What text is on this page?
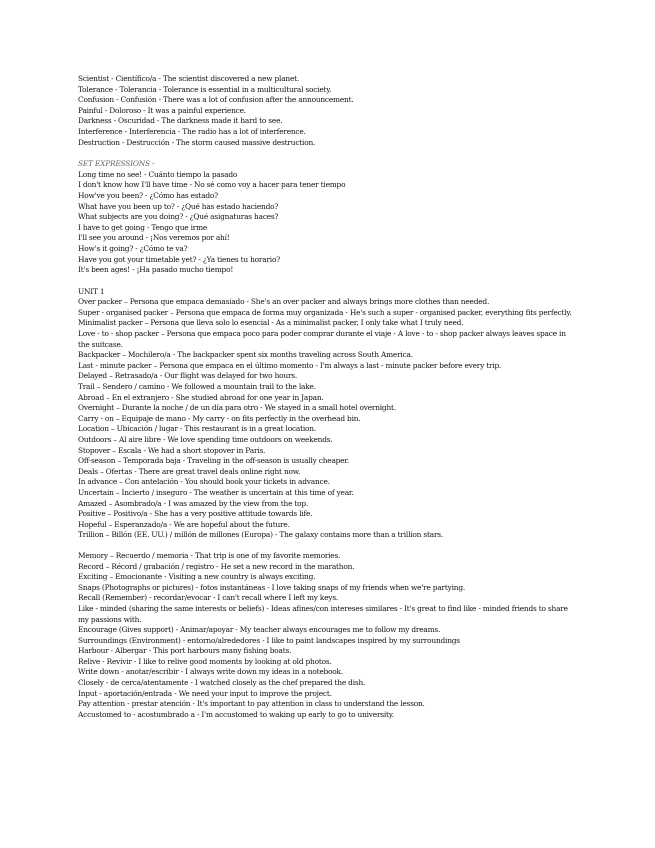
Scientist - Científico/a - The scientist discovered a new planet.
Tolerance - Tolerancia - Tolerance is essential in a multicultural society.
Confusion - Confusión - There was a lot of confusion after the announcement.
Painful - Doloroso - It was a painful experience.
Darkness - Oscuridad - The darkness made it hard to see.
Interference - Interferencia - The radio has a lot of interference.
Destruction - Destrucción - The storm caused massive destruction.
SET EXPRESSIONS -
Long time no see! - Cuánto tiempo la pasado
I don't know how I'll have time - No sé como voy a hacer para tener tiempo
How've you been? - ¿Cómo has estado?
What have you been up to? - ¿Qué has estado haciendo?
What subjects are you doing? - ¿Qué asignaturas haces?
I have to get going - Tengo que irme
I'll see you around - ¡Nos veremos por ahí!
How's it going? - ¿Cómo te va?
Have you got your timetable yet? - ¿Ya tienes tu horario?
It's been ages! - ¡Ha pasado mucho tiempo!
UNIT 1
Over packer – Persona que empaca demasiado - She's an over packer and always brings more clothes than needed.
Super - organised packer – Persona que empaca de forma muy organizada - He's such a super - organised packer, everything fits perfectly.
Minimalist packer – Persona que lleva solo lo esencial - As a minimalist packer, I only take what I truly need.
Love - to - shop packer – Persona que empaca poco para poder comprar durante el viaje - A love - to - shop packer always leaves space in the suitcase.
Backpacker – Mochilero/a - The backpacker spent six months traveling across South America.
Last - minute packer – Persona que empaca en el último momento - I'm always a last - minute packer before every trip.
Delayed – Retrasado/a - Our flight was delayed for two hours.
Trail – Sendero / camino - We followed a mountain trail to the lake.
Abroad – En el extranjero - She studied abroad for one year in Japan.
Overnight – Durante la noche / de un día para otro - We stayed in a small hotel overnight.
Carry - on – Equipaje de mano - My carry - on fits perfectly in the overhead bin.
Location – Ubicación / lugar - This restaurant is in a great location.
Outdoors – Al aire libre - We love spending time outdoors on weekends.
Stopover – Escala - We had a short stopover in Paris.
Off-season – Temporada baja - Traveling in the off-season is usually cheaper.
Deals – Ofertas - There are great travel deals online right now.
In advance – Con antelación - You should book your tickets in advance.
Uncertain – Incierto / inseguro - The weather is uncertain at this time of year.
Amazed – Asombrado/a - I was amazed by the view from the top.
Positive – Positivo/a - She has a very positive attitude towards life.
Hopeful – Esperanzado/a - We are hopeful about the future.
Trillion – Billón (EE. UU.) / millón de millones (Europa) - The galaxy contains more than a trillion stars.
Memory – Recuerdo / memoria - That trip is one of my favorite memories.
Record – Récord / grabación / registro - He set a new record in the marathon.
Exciting – Emocionante - Visiting a new country is always exciting.
Snaps (Photographs or pictures) - fotos instantáneas - I love taking snaps of my friends when we're partying.
Recall (Remember) - recordar/evocar - I can't recall where I left my keys.
Like - minded (sharing the same interests or beliefs) - Ideas afines/con intereses similares - It's great to find like - minded friends to share my passions with.
Encourage (Gives support) - Animar/apoyar - My teacher always encourages me to follow my dreams.
Surroundings (Environment) - entorno/alrededores - I like to paint landscapes inspired by my surroundings
Harbour - Albergar - This port harbours many fishing boats.
Relive - Revivir - I like to relive good moments by looking at old photos.
Write down - anotar/escribir - I always write down my ideas in a notebook.
Closely - de cerca/atentamente - I watched closely as the chef prepared the dish.
Input - aportación/entrada - We need your input to improve the project.
Pay attention - prestar atención - It's important to pay attention in class to understand the lesson.
Accustomed to - acostumbrado a - I'm accustomed to waking up early to go to university.
